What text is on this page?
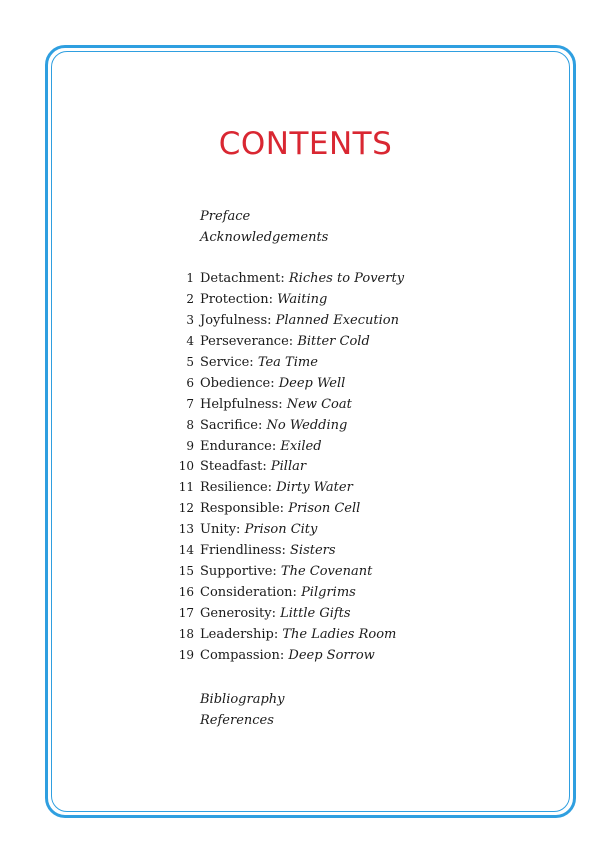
CONTENTS
Preface
Acknowledgements
1 Detachment: Riches to Poverty
2 Protection: Waiting
3 Joyfulness: Planned Execution
4 Perseverance: Bitter Cold
5 Service: Tea Time
6 Obedience: Deep Well
7 Helpfulness: New Coat
8 Sacrifice: No Wedding
9 Endurance: Exiled
10 Steadfast: Pillar
11 Resilience: Dirty Water
12 Responsible: Prison Cell
13 Unity: Prison City
14 Friendliness: Sisters
15 Supportive: The Covenant
16 Consideration: Pilgrims
17 Generosity: Little Gifts
18 Leadership: The Ladies Room
19 Compassion: Deep Sorrow
Bibliography
References
